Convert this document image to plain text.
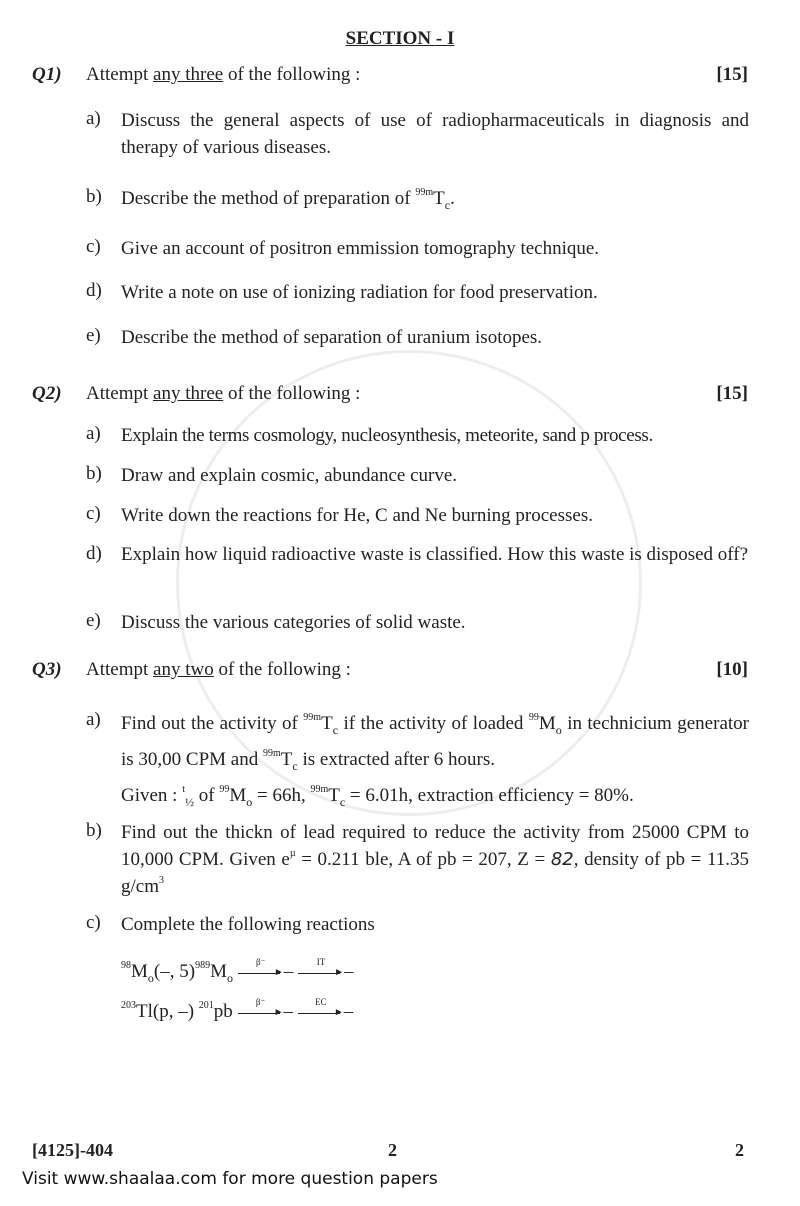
SECTION - I
Q1) Attempt any three of the following :	[15]
a) Discuss the general aspects of use of radiopharmaceuticals in diagnosis and therapy of various diseases.
b) Describe the method of preparation of $^{99m}T_c$.
c) Give an account of positron emmission tomography technique.
d) Write a note on use of ionizing radiation for food preservation.
e) Describe the method of separation of uranium isotopes.
Q2) Attempt any three of the following :	[15]
a) Explain the terms cosmology, nucleosynthesis, meteorite, sand p process.
b) Draw and explain cosmic, abundance curve.
c) Write down the reactions for He, C and Ne burning processes.
d) Explain how liquid radioactive waste is classified. How this waste is disposed off?
e) Discuss the various categories of solid waste.
Q3) Attempt any two of the following :	[10]
a) Find out the activity of $^{99m}T_c$ if the activity of loaded $^{99}M_o$ in technicium generator is 30,00 CPM and $^{99m}T_c$ is extracted after 6 hours.
Given : $^t_{\frac{1}{2}}$ of $^{99}M_o = 66h$, $^{99m}T_c = 6.01h$, extraction efficiency = 80%.
b) Find out the thickn of lead required to reduce the activity from 25000 CPM to 10,000 CPM. Given $e^\mu = 0.211$ ble, A of pb = 207, Z = 82, density of pb = 11.35 $g/cm^3$
c) Complete the following reactions
$^{98}M_o(-$, $5)^{989}M_o$
β⁻
► –	IT
► –
$^{203}$Tl(p, –) $^{201}$pb	β⁻
► –	EC
► –
[4125]-404	2	2
Visit www.shaalaa.com for more question papers
